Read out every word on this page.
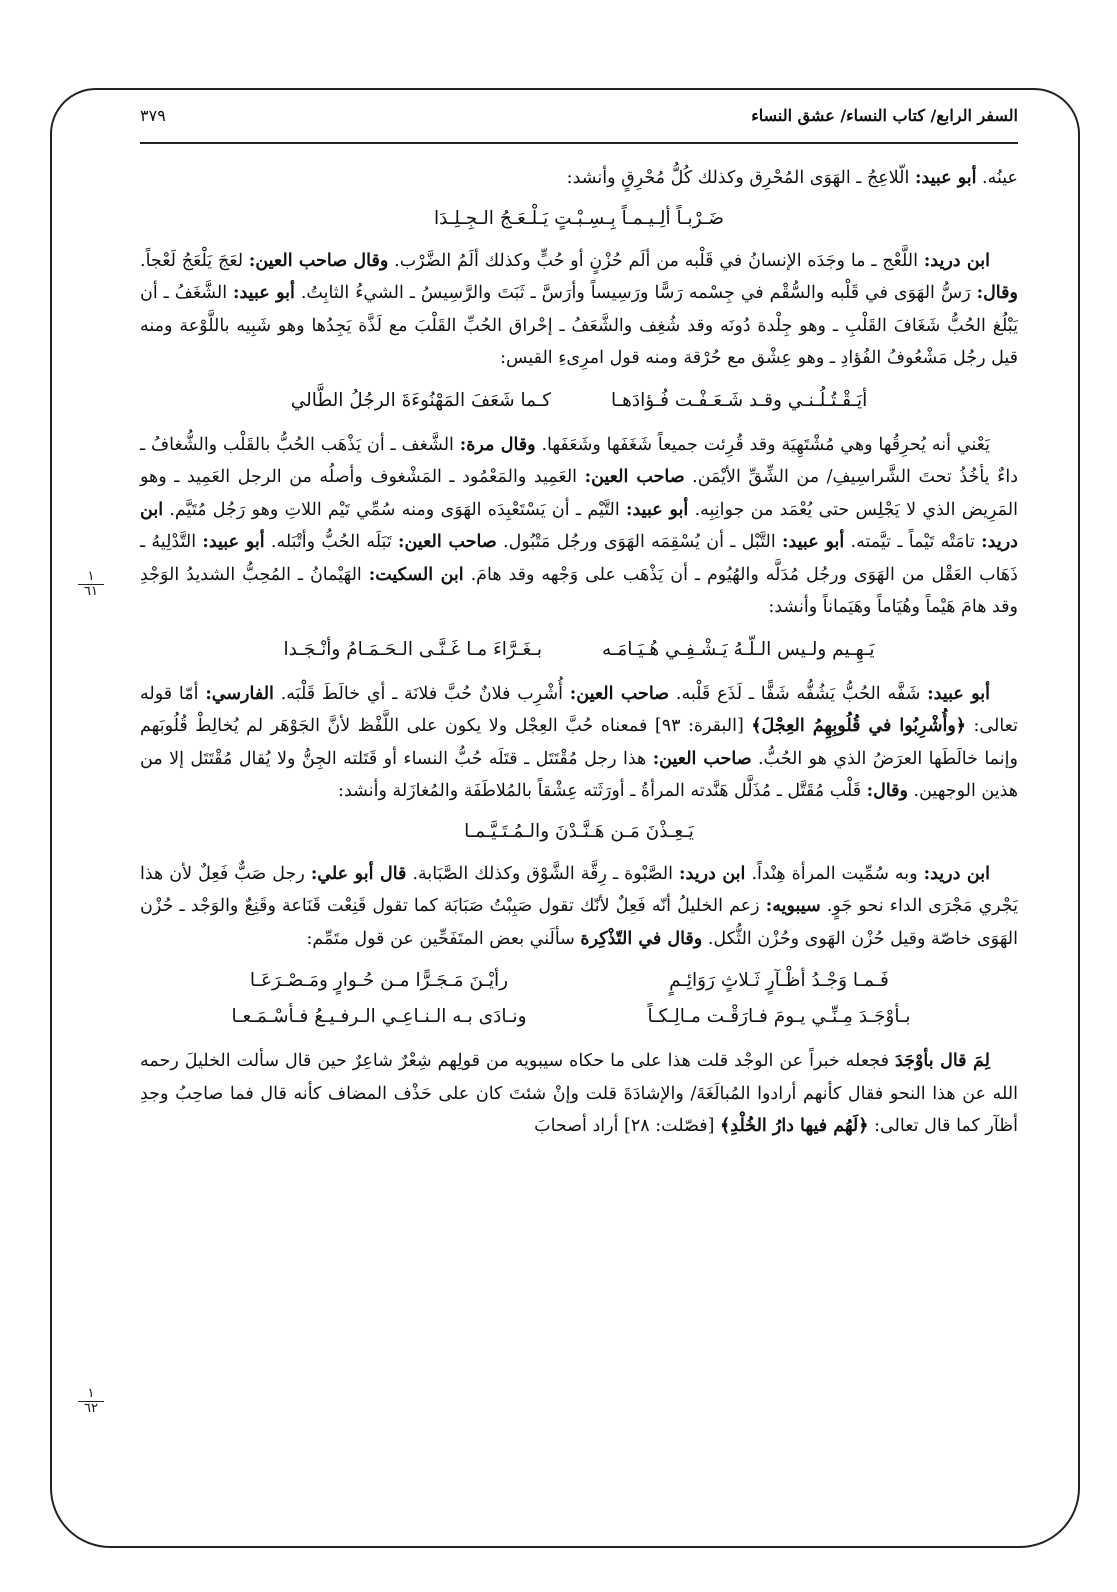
السفر الرابع/ كتاب النساء/ عشق النساء
٣٧٩
١
٦١
١
٦٢

عينُه. أبو عبيد: الّلاعِجُ ـ الهَوَى المُحْرِق وكذلك كُلُّ مُحْرِقٍ وأنشد:

ضَـرْبـاً ألِـيـمـاً بِـسِـبْـتٍ يَـلْـعَـجُ الـجِـلِـدَا

ابن دريد: اللَّعْج ـ ما وجَدَه الإنسانُ في قَلْبه من ألَم حُزْنٍ أو حُبٍّ وكذلك ألَمُ الضَّرْب. وقال صاحب العين: لعَجَ يَلْعَجُ لَعْجاً. وقال: رَسُّ الهَوَى في قَلْبه والسُّقْم في جِسْمه رَسًّا ورَسِيساً وأرَسَّ ـ ثَبَتَ والرَّسِيسُ ـ الشيءُ الثابِتُ. أبو عبيد: الشَّغَفُ ـ أن يَبْلُغ الحُبُّ شَغَافَ القَلْبِ ـ وهو جِلْدة دُونَه وقد شُغِف والشَّعَفُ ـ إحْراق الحُبِّ القَلْبَ مع لَذَّة يَجِدُها وهو شَبِيه باللَّوْعة ومنه قيل رجُل مَشْعُوفُ الفُؤادِ ـ وهو عِشْق مع حُرْقة ومنه قول امرِىءِ القيس:

أيَـقْـتُـلُـنـي وقـد شَـعَـفْـت فُـؤادَهـا
كـما شَعَفَ المَهْنُوءَةَ الرجُلُ الطَّالي

يَعْني أنه يُحرِقُها وهي مُشْتَهِيَة وقد قُرِئت جميعاً شَغَفَها وشَعَفَها. وقال مرة: الشَّغف ـ أن يَذْهَب الحُبُّ بالقَلْب والشُّغافُ ـ داءٌ يأخُذُ تحتَ الشَّراسِيفِ/ من الشِّقِّ الأيْمَن. صاحب العين: العَمِيد والمَعْمُود ـ المَشْغوف وأصلُه من الرجل العَمِيد ـ وهو المَرِيض الذي لا يَجْلِس حتى يُعْمَد من جوانِبِه. أبو عبيد: التَّيْم ـ أن يَسْتَعْبِدَه الهَوَى ومنه سُمِّي تَيْم اللاتِ وهو رَجُل مُتَيَّم. ابن دريد: تامَتْه تَيْماً ـ تيَّمته. أبو عبيد: التَّبْل ـ أن يُسْقِمَه الهَوَى ورجُل مَتْبُول. صاحب العين: تَبَلَه الحُبُّ وأتْبَله. أبو عبيد: التَّدْلِيهُ ـ ذَهَاب العَقْل من الهَوَى ورجُل مُدَلَّه والهُيُوم ـ أن يَذْهَب على وَجْهه وقد هامَ. ابن السكيت: الهَيْمانُ ـ المُحِبُّ الشديدُ الوَجْدِ وقد هامَ هَيْماً وهُيَاماً وهَيَماناً وأنشد:

يَـهِـيم ولـيس الـلّـهُ يَـشْـفِـي هُـيَـامَـه
بـغَـرَّاءَ مـا غَـنَّـى الـحَـمَـامُ وأنْـجَـدا

أبو عبيد: شَفَّه الحُبُّ يَشُفُّه شَفًّا ـ لَذَع قَلْبه. صاحب العين: أُشْرِب فلانٌ حُبَّ فلانَة ـ أي خالَطَ قَلْبَه. الفارسي: أمّا قوله تعالى: ﴿وأُشْرِبُوا في قُلُوبِهِمُ العِجْلَ﴾ [البقرة: ٩٣] فمعناه حُبَّ العِجْل ولا يكون على اللَّفْظ لأنَّ الجَوْهَر لم يُخالِطْ قُلُوبَهم وإنما خالَطَها العرَضُ الذي هو الحُبُّ. صاحب العين: هذا رجل مُقْتَتَل ـ قتَلَه حُبُّ النساء أو قَتَلته الجِنُّ ولا يُقال مُقْتَتَل إلا من هذين الوجهين. وقال: قَلْب مُقَتَّل ـ مُذَلَّل هَنَّدته المرأةُ ـ أورَثَته عِشْقاً بالمُلاطَفَة والمُغازَلة وأنشد:

يَـعِـذْنَ مَـن هَـنَّـدْنَ والـمُـتَـيَّـمـا

ابن دريد: وبه سُمِّيت المرأة هِنْداً. ابن دريد: الصَّبْوة ـ رِقَّة الشَّوْق وكذلك الصَّبَابة. قال أبو علي: رجل صَبٌّ فَعِلٌ لأن هذا يَجْري مَجْرَى الداء نحو جَوٍ. سيبويه: زعم الخليلُ أنّه فَعِلٌ لأنّك تقول صَبِبْتُ صَبَابَة كما تقول قَنِعْت قَنَاعة وقَنِعٌ والوَجْد ـ حُزْن الهَوَى خاصّة وقيل حُزْن الهَوى وحُزْن الثُّكل. وقال في التّذْكِرة سألَني بعض المتَفَحِّين عن قول متَمِّم:

فَـمـا وَجْـدُ أظْـآرٍ ثَـلاثٍ رَوَائِـمٍ
رأيْـنَ مَـجَـرًّا مـن حُـوارٍ ومَـصْـرَعَـا
بـأوْجَـدَ مِـنِّـي يـومَ فـارَقْـت مـالِـكـاً
ونـادَى بـه الـنـاعِـي الـرفـيـعُ فـأسْـمَـعـا

لِمَ قال بأوْجَدَ فجعله خبراً عن الوجْد قلت هذا على ما حكاه سيبويه من قولِهم شِعْرٌ شاعِرٌ حين قال سألت الخليلَ رحمه الله عن هذا النحو فقال كأنهم أرادوا المُبالَغَةَ/ والإشادَةَ قلت وإنْ شئتَ كان على حَذْف المضاف كأنه قال فما صاحِبُ وجدِ أظآر كما قال تعالى: ﴿لَهُم فيها دارُ الخُلْدِ﴾ [فصّلت: ٢٨] أراد أصحابَ
